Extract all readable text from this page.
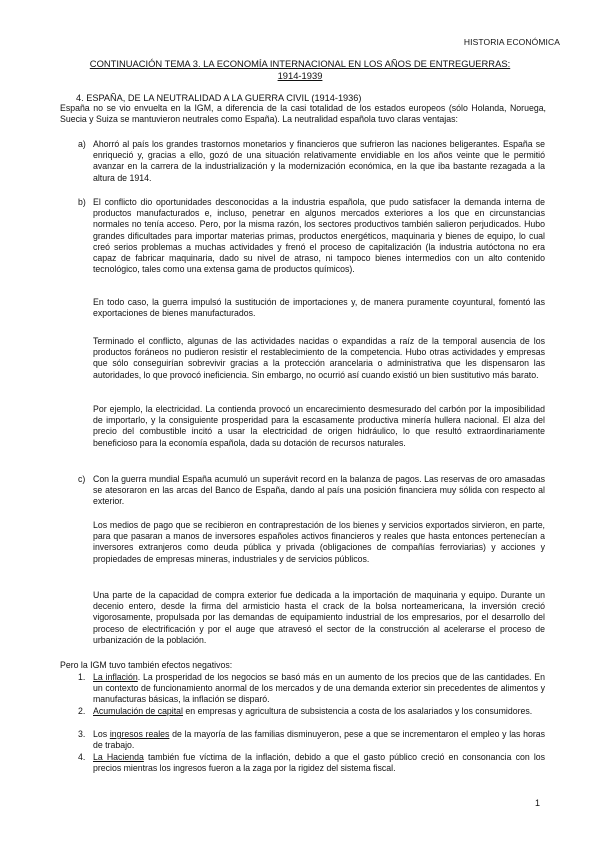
HISTORIA ECONÓMICA
CONTINUACIÓN TEMA 3. LA ECONOMÍA INTERNACIONAL EN LOS AÑOS DE ENTREGUERRAS:
1914-1939
4. ESPAÑA, DE LA NEUTRALIDAD A LA GUERRA CIVIL (1914-1936)

España no se vio envuelta en la IGM, a diferencia de la casi totalidad de los estados europeos (sólo Holanda, Noruega, Suecia y Suiza se mantuvieron neutrales como España). La neutralidad española tuvo claras ventajas:

a) Ahorró al país los grandes trastornos monetarios y financieros que sufrieron las naciones beligerantes. España se enriqueció y, gracias a ello, gozó de una situación relativamente envidiable en los años veinte que le permitió avanzar en la carrera de la industrialización y la modernización económica, en la que iba bastante rezagada a la altura de 1914.

b) El conflicto dio oportunidades desconocidas a la industria española, que pudo satisfacer la demanda interna de productos manufacturados e, incluso, penetrar en algunos mercados exteriores a los que en circunstancias normales no tenía acceso. Pero, por la misma razón, los sectores productivos también salieron perjudicados. Hubo grandes dificultades para importar materias primas, productos energéticos, maquinaria y bienes de equipo, lo cual creó serios problemas a muchas actividades y frenó el proceso de capitalización (la industria autóctona no era capaz de fabricar maquinaria, dado su nivel de atraso, ni tampoco bienes intermedios con un alto contenido tecnológico, tales como una extensa gama de productos químicos).

En todo caso, la guerra impulsó la sustitución de importaciones y, de manera puramente coyuntural, fomentó las exportaciones de bienes manufacturados.

Terminado el conflicto, algunas de las actividades nacidas o expandidas a raíz de la temporal ausencia de los productos foráneos no pudieron resistir el restablecimiento de la competencia. Hubo otras actividades y empresas que sólo conseguirían sobrevivir gracias a la protección arancelaria o administrativa que les dispensaron las autoridades, lo que provocó ineficiencia. Sin embargo, no ocurrió así cuando existió un bien sustitutivo más barato.

Por ejemplo, la electricidad. La contienda provocó un encarecimiento desmesurado del carbón por la imposibilidad de importarlo, y la consiguiente prosperidad para la escasamente productiva minería hullera nacional. El alza del precio del combustible incitó a usar la electricidad de origen hidráulico, lo que resultó extraordinariamente beneficioso para la economía española, dada su dotación de recursos naturales.

c) Con la guerra mundial España acumuló un superávit record en la balanza de pagos. Las reservas de oro amasadas se atesoraron en las arcas del Banco de España, dando al país una posición financiera muy sólida con respecto al exterior.

Los medios de pago que se recibieron en contraprestación de los bienes y servicios exportados sirvieron, en parte, para que pasaran a manos de inversores españoles activos financieros y reales que hasta entonces pertenecían a inversores extranjeros como deuda pública y privada (obligaciones de compañías ferroviarias) y acciones y propiedades de empresas mineras, industriales y de servicios públicos.

Una parte de la capacidad de compra exterior fue dedicada a la importación de maquinaria y equipo. Durante un decenio entero, desde la firma del armisticio hasta el crack de la bolsa norteamericana, la inversión creció vigorosamente, propulsada por las demandas de equipamiento industrial de los empresarios, por el desarrollo del proceso de electrificación y por el auge que atravesó el sector de la construcción al acelerarse el proceso de urbanización de la población.

Pero la IGM tuvo también efectos negativos:

1. La inflación. La prosperidad de los negocios se basó más en un aumento de los precios que de las cantidades. En un contexto de funcionamiento anormal de los mercados y de una demanda exterior sin precedentes de alimentos y manufacturas básicas, la inflación se disparó.

2. Acumulación de capital en empresas y agricultura de subsistencia a costa de los asalariados y los consumidores.

3. Los ingresos reales de la mayoría de las familias disminuyeron, pese a que se incrementaron el empleo y las horas de trabajo.

4. La Hacienda también fue víctima de la inflación, debido a que el gasto público creció en consonancia con los precios mientras los ingresos fueron a la zaga por la rigidez del sistema fiscal.

1
